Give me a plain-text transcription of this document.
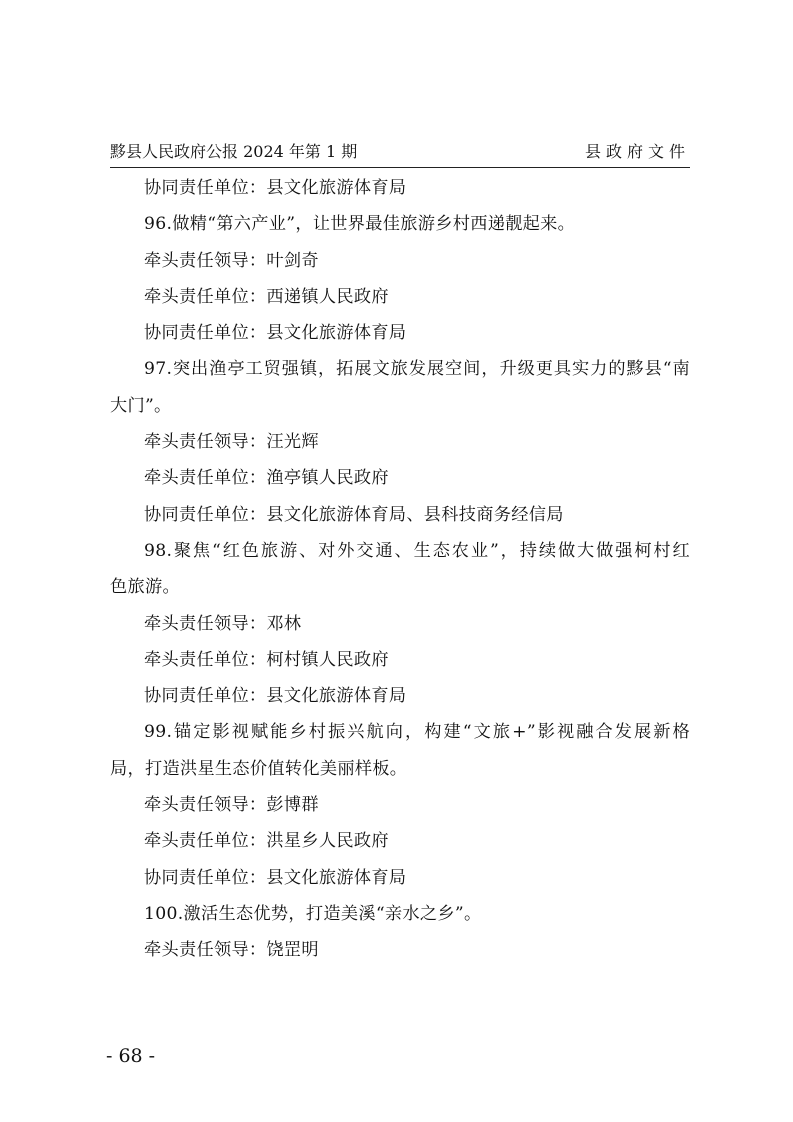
黟县人民政府公报 2024 年第 1 期	县政府文件
协同责任单位：县文化旅游体育局
96.做精“第六产业”，让世界最佳旅游乡村西递靓起来。
牵头责任领导：叶剑奇
牵头责任单位：西递镇人民政府
协同责任单位：县文化旅游体育局
97.突出渔亭工贸强镇，拓展文旅发展空间，升级更具实力的黟县“南
大门”。
牵头责任领导：汪光辉
牵头责任单位：渔亭镇人民政府
协同责任单位：县文化旅游体育局、县科技商务经信局
98.聚焦“红色旅游、对外交通、生态农业”，持续做大做强柯村红
色旅游。
牵头责任领导：邓林
牵头责任单位：柯村镇人民政府
协同责任单位：县文化旅游体育局
99.锚定影视赋能乡村振兴航向，构建“文旅+”影视融合发展新格
局，打造洪星生态价值转化美丽样板。
牵头责任领导：彭博群
牵头责任单位：洪星乡人民政府
协同责任单位：县文化旅游体育局
100.激活生态优势，打造美溪“亲水之乡”。
牵头责任领导：饶罡明
- 68 -
